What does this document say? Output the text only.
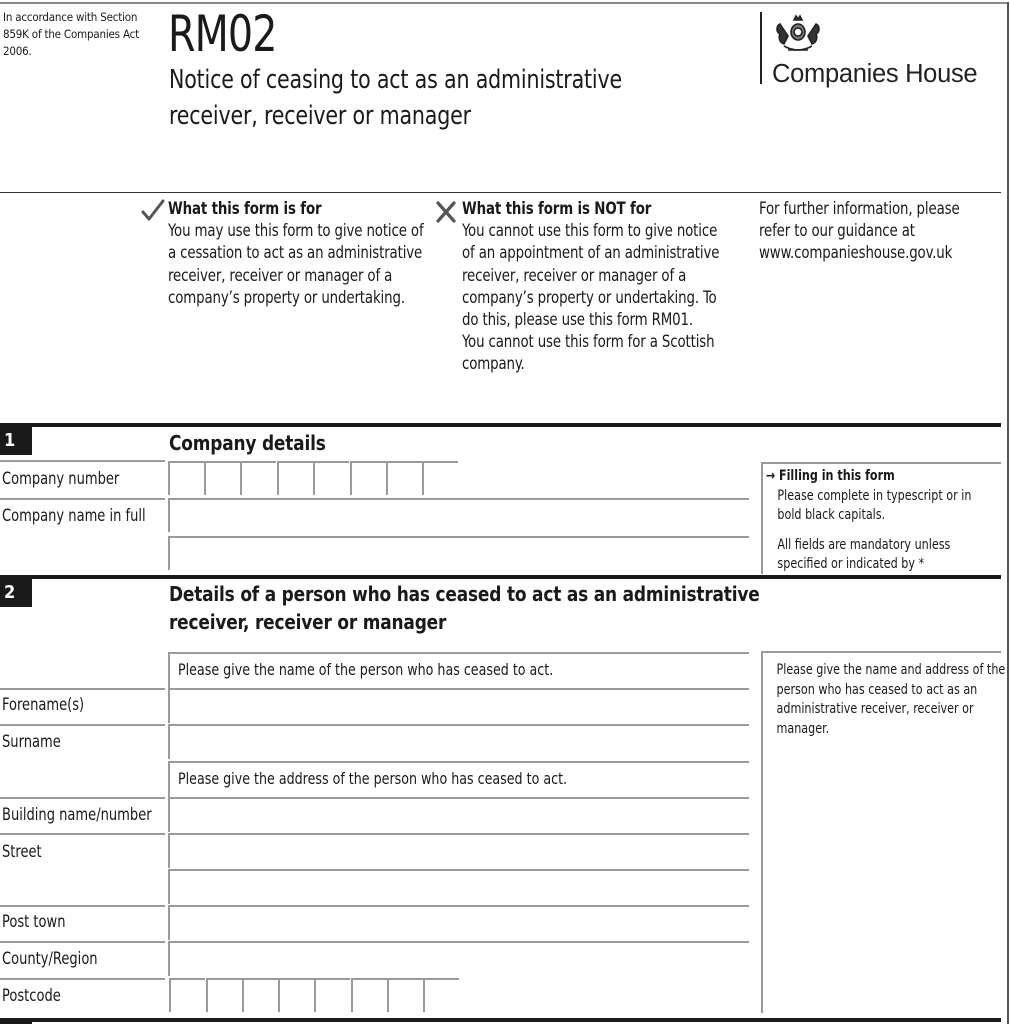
In accordance with Section 859K of the Companies Act 2006.	RM02
Notice of ceasing to act as an administrative receiver, receiver or manager
Companies House
What this form is for
You may use this form to give notice of a cessation to act as an administrative receiver, receiver or manager of a company’s property or undertaking.
What this form is NOT for
You cannot use this form to give notice of an appointment of an administrative receiver, receiver or manager of a company’s property or undertaking. To do this, please use this form RM01.
You cannot use this form for a Scottish company.
For further information, please refer to our guidance at www.companieshouse.gov.uk
1	Company details
Company number
Company name in full
→ Filling in this form
Please complete in typescript or in bold black capitals.
All fields are mandatory unless specified or indicated by *
2	Details of a person who has ceased to act as an administrative receiver, receiver or manager
Please give the name of the person who has ceased to act.
Forename(s)
Surname
Please give the address of the person who has ceased to act.
Building name/number
Street
Post town
County/Region
Postcode
Please give the name and address of the person who has ceased to act as an administrative receiver, receiver or manager.
